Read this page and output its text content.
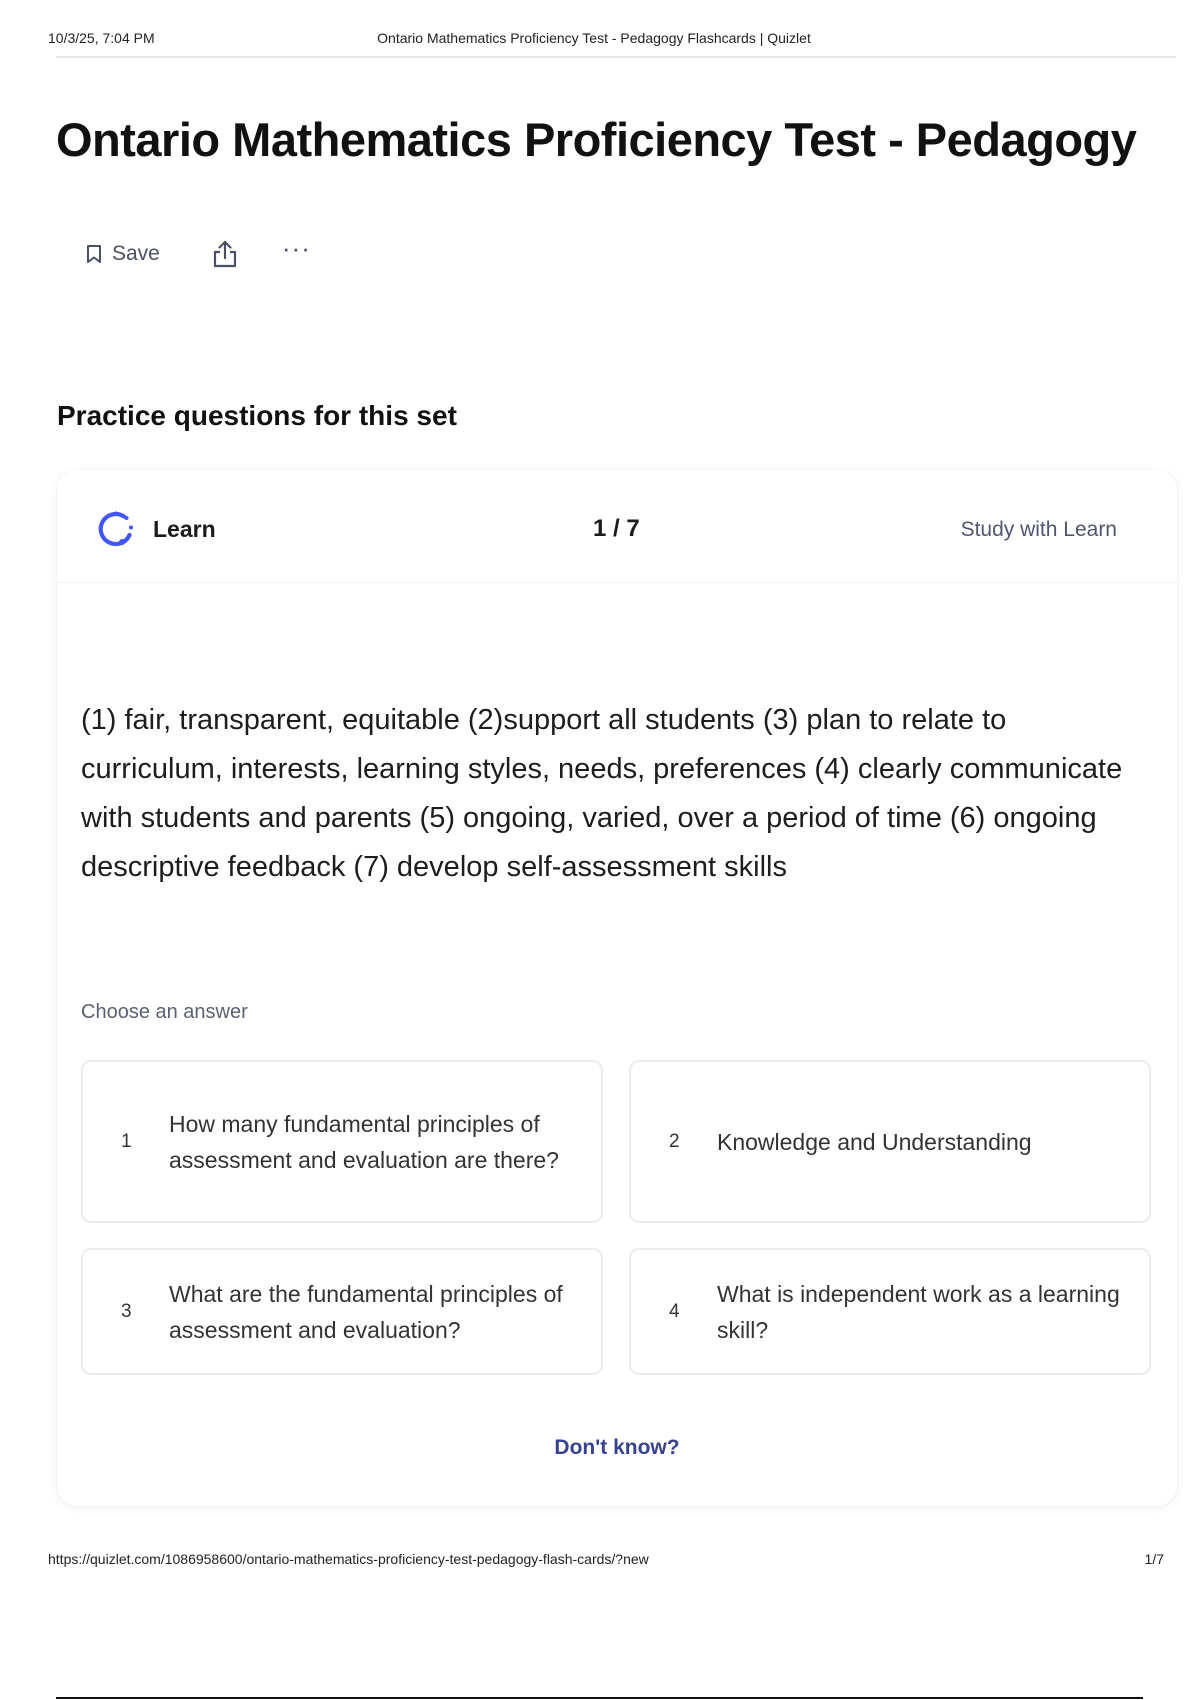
10/3/25, 7:04 PM	Ontario Mathematics Proficiency Test - Pedagogy Flashcards | Quizlet
Ontario Mathematics Proficiency Test - Pedagogy
Save	···
Practice questions for this set
Learn	1 / 7	Study with Learn
(1) fair, transparent, equitable (2)support all students (3) plan to relate to curriculum, interests, learning styles, needs, preferences (4) clearly communicate with students and parents (5) ongoing, varied, over a period of time (6) ongoing descriptive feedback (7) develop self-assessment skills
Choose an answer
1
How many fundamental principles of assessment and evaluation are there?
2 Knowledge and Understanding
3
What are the fundamental principles of assessment and evaluation?
4
What is independent work as a learning skill?
Don't know?
https://quizlet.com/1086958600/ontario-mathematics-proficiency-test-pedagogy-flash-cards/?new	1/7
